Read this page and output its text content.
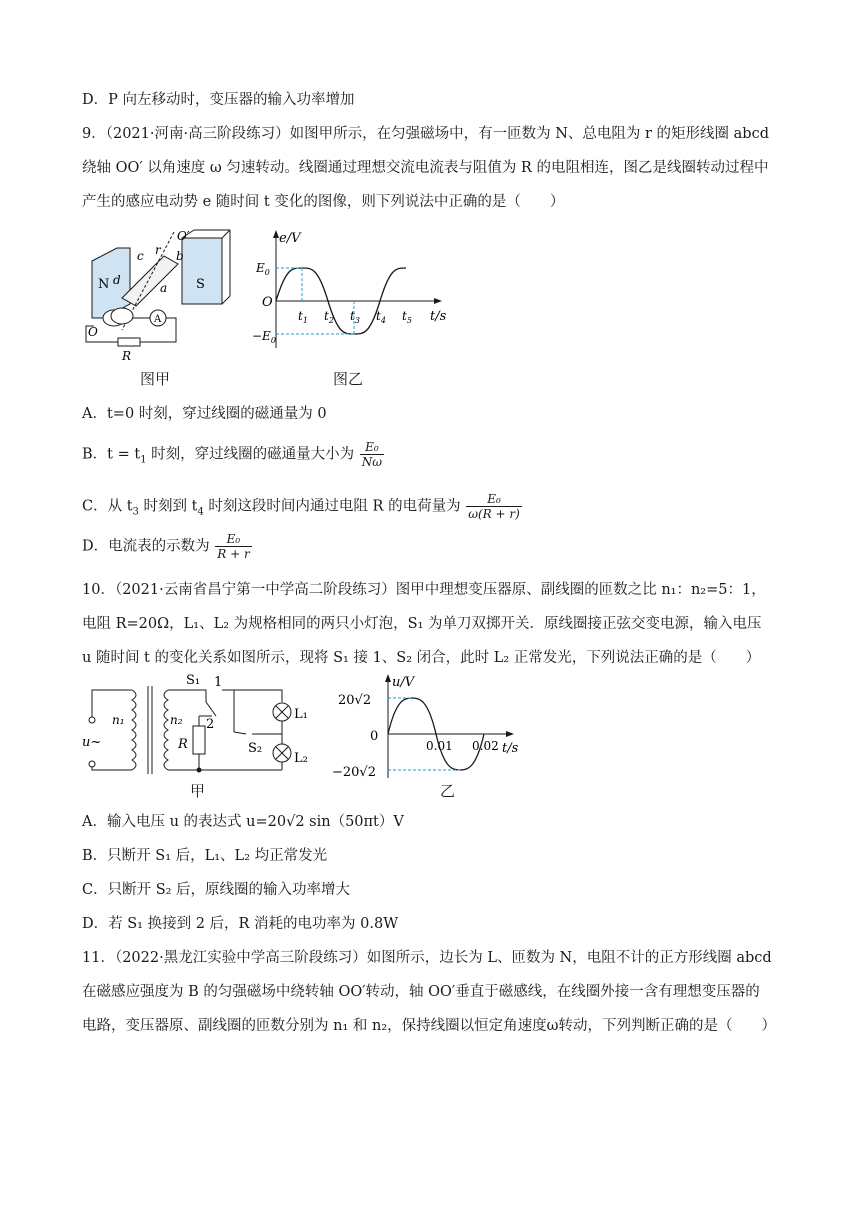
D．P 向左移动时，变压器的输入功率增加
9．（2021·河南·高三阶段练习）如图甲所示，在匀强磁场中，有一匝数为 N、总电阻为 r 的矩形线圈 abcd
绕轴 OO′ 以角速度 ω 匀速转动。线圈通过理想交流电流表与阻值为 R 的电阻相连，图乙是线圈转动过程中
产生的感应电动势 e 随时间 t 变化的图像，则下列说法中正确的是（　　）
N	S
c r
O′
b
d
a
O
A
R
图甲
e/V
$E_0$
O
$-E_0$
$t_1$ $t_2$ $t_3$ $t_4$ $t_5$ t/s
图乙
A．t=0 时刻，穿过线圈的磁通量为 0
B．$t = t_1$ 时刻，穿过线圈的磁通量大小为 $\frac{\text{E₀}}{N\omega}$
C．从 $t_3$ 时刻到 $t_4$ 时刻这段时间内通过电阻 R 的电荷量为 $\frac{\text{E₀}}{\omega(R + r)}$
D．电流表的示数为 $\frac{\text{E₀}}{R + r}$
10．（2021·云南省昌宁第一中学高二阶段练习）图甲中理想变压器原、副线圈的匝数之比 n₁：n₂=5：1，
电阻 R=20Ω，L₁、L₂ 为规格相同的两只小灯泡，S₁ 为单刀双掷开关．原线圈接正弦交变电源，输入电压
u 随时间 t 的变化关系如图所示，现将 S₁ 接 1、S₂ 闭合，此时 L₂ 正常发光，下列说法正确的是（　　）
S₁ 1
2
n₁	n₂
u~	R
L₁
S₂
L₂
甲
u/V
20√2
0
−20√2
0.01 0.02 t/s
乙
A．输入电压 u 的表达式 u=20√2 sin（50πt）V
B．只断开 S₁ 后，L₁、L₂ 均正常发光
C．只断开 S₂ 后，原线圈的输入功率增大
D．若 S₁ 换接到 2 后，R 消耗的电功率为 0.8W
11．（2022·黑龙江实验中学高三阶段练习）如图所示，边长为 L、匝数为 N，电阻不计的正方形线圈 abcd
在磁感应强度为 B 的匀强磁场中绕转轴 OO′转动，轴 OO′垂直于磁感线，在线圈外接一含有理想变压器的
电路，变压器原、副线圈的匝数分别为 n₁ 和 n₂，保持线圈以恒定角速度ω转动，下列判断正确的是（　　）
